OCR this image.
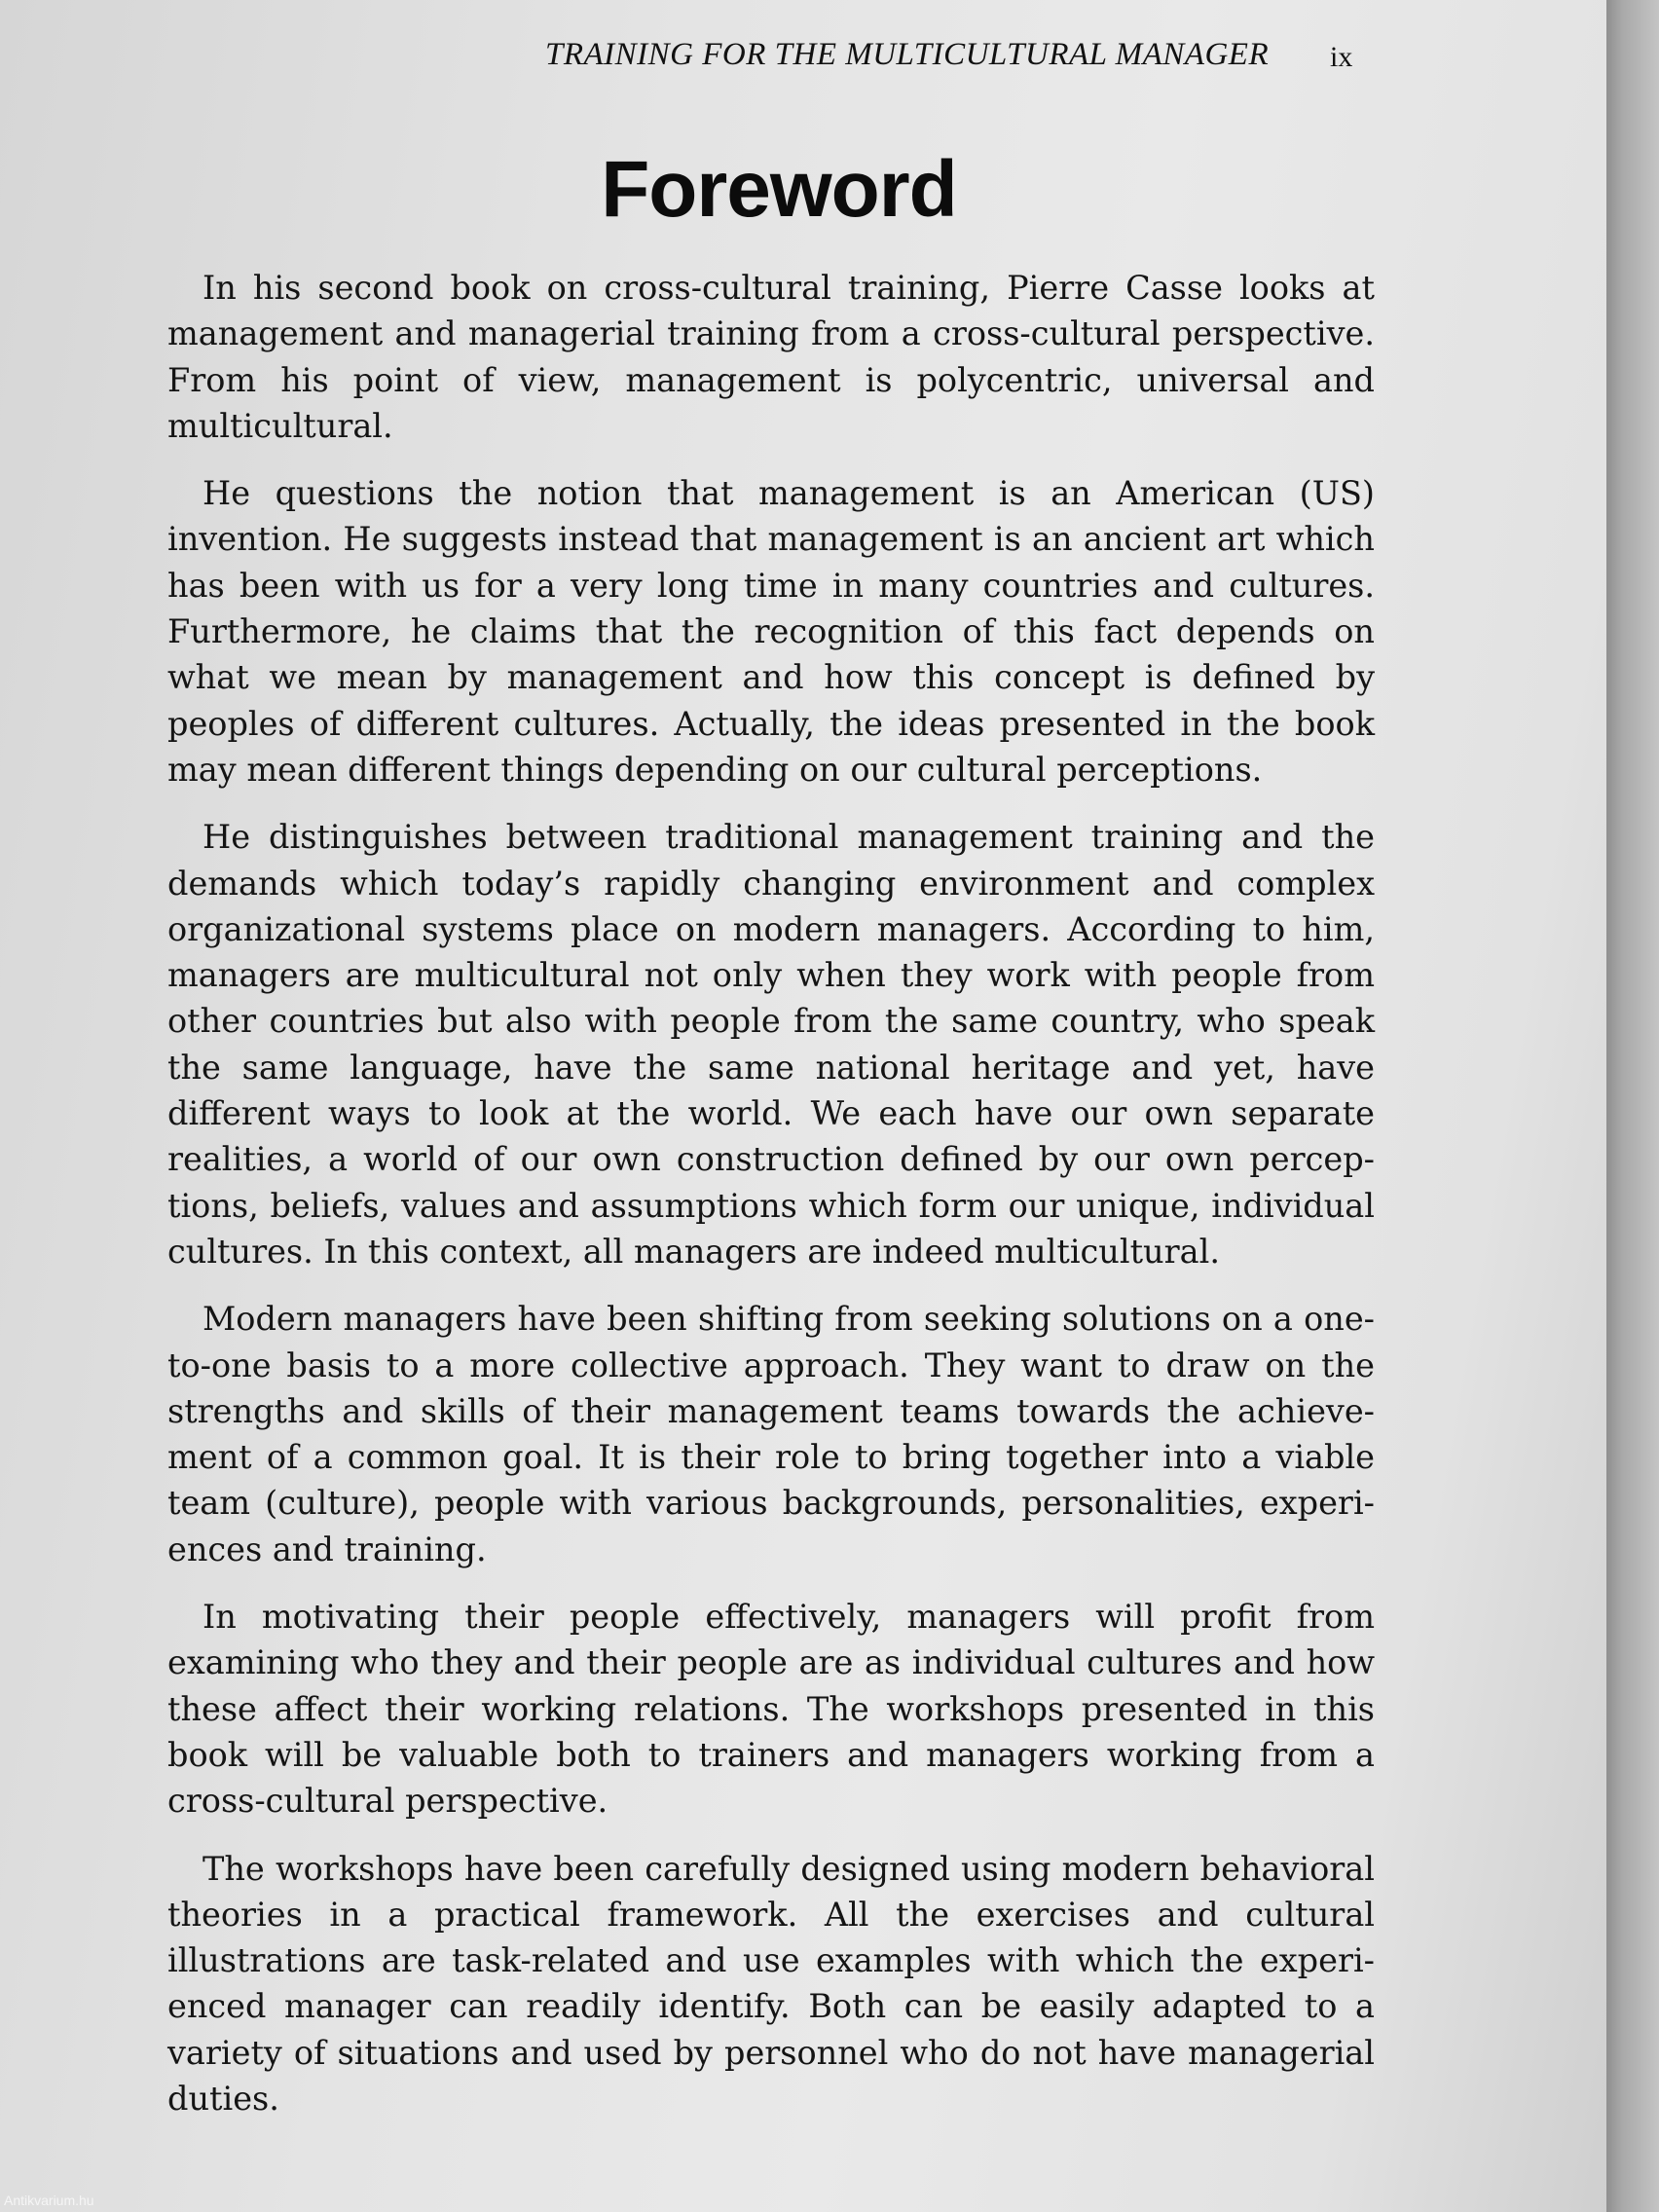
TRAINING FOR THE MULTICULTURAL MANAGER	ix
Foreword

In his second book on cross-cultural training, Pierre Casse looks at management and managerial training from a cross-cultural perspective. From his point of view, management is polycentric, universal and multicultural.

He questions the notion that management is an American (US) invention. He suggests instead that management is an ancient art which has been with us for a very long time in many countries and cultures. Furthermore, he claims that the recognition of this fact depends on what we mean by management and how this concept is defined by peoples of different cultures. Actually, the ideas presented in the book may mean different things depending on our cultural perceptions.

He distinguishes between traditional management training and the demands which today’s rapidly changing environment and complex organizational systems place on modern managers. According to him, managers are multicultural not only when they work with people from other countries but also with people from the same country, who speak the same language, have the same national heritage and yet, have different ways to look at the world. We each have our own separate realities, a world of our own construction defined by our own perceptions, beliefs, values and assumptions which form our unique, individual cultures. In this context, all managers are indeed multicultural.

Modern managers have been shifting from seeking solutions on a one-to-one basis to a more collective approach. They want to draw on the strengths and skills of their management teams towards the achievement of a common goal. It is their role to bring together into a viable team (culture), people with various backgrounds, personalities, experiences and training.

In motivating their people effectively, managers will profit from examining who they and their people are as individual cultures and how these affect their working relations. The workshops presented in this book will be valuable both to trainers and managers working from a cross-cultural perspective.

The workshops have been carefully designed using modern behavioral theories in a practical framework. All the exercises and cultural illustrations are task-related and use examples with which the experienced manager can readily identify. Both can be easily adapted to a variety of situations and used by personnel who do not have managerial duties.

Antikvarium.hu
